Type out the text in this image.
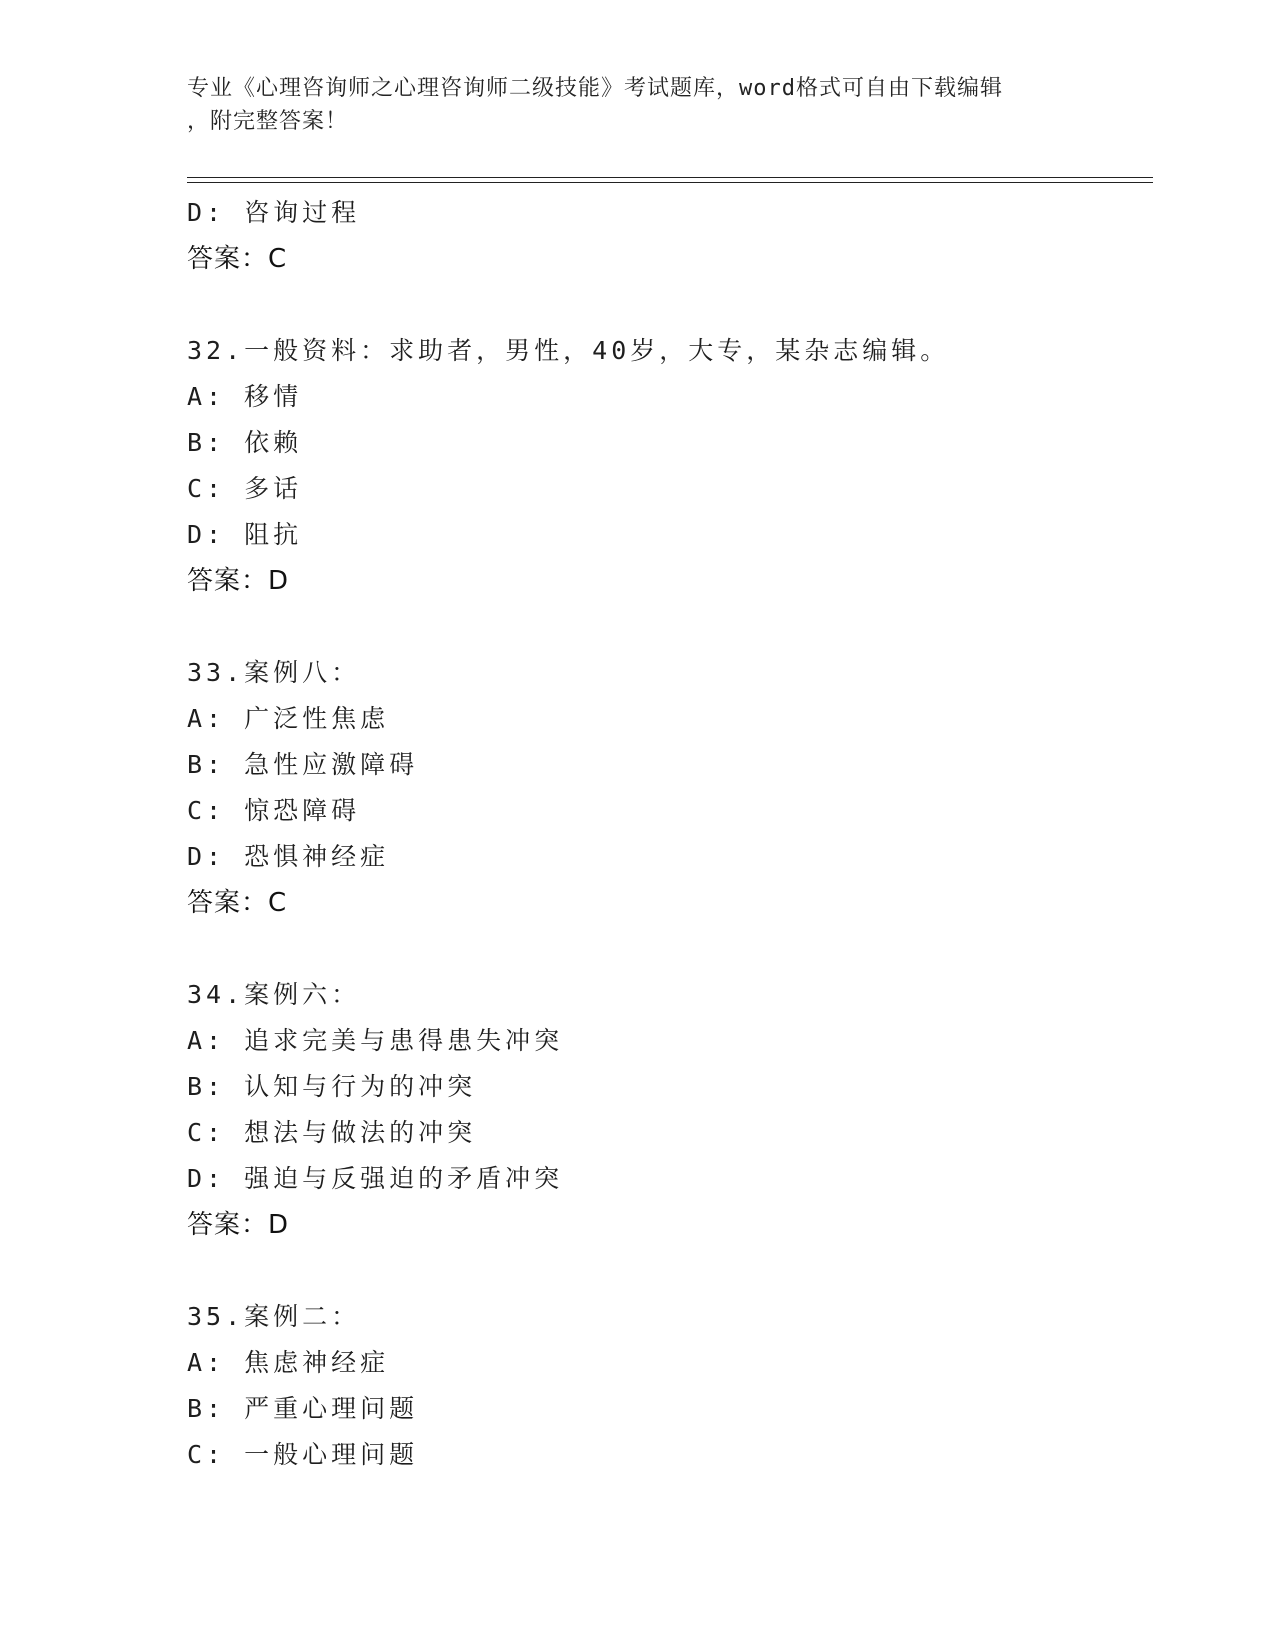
专业《心理咨询师之心理咨询师二级技能》考试题库，word格式可自由下载编辑
，附完整答案！
D: 咨询过程
答案：C
32.一般资料：求助者，男性，40岁，大专，某杂志编辑。
A: 移情
B: 依赖
C: 多话
D: 阻抗
答案：D
33.案例八：
A: 广泛性焦虑
B: 急性应激障碍
C: 惊恐障碍
D: 恐惧神经症
答案：C
34.案例六：
A: 追求完美与患得患失冲突
B: 认知与行为的冲突
C: 想法与做法的冲突
D: 强迫与反强迫的矛盾冲突
答案：D
35.案例二：
A: 焦虑神经症
B: 严重心理问题
C: 一般心理问题
